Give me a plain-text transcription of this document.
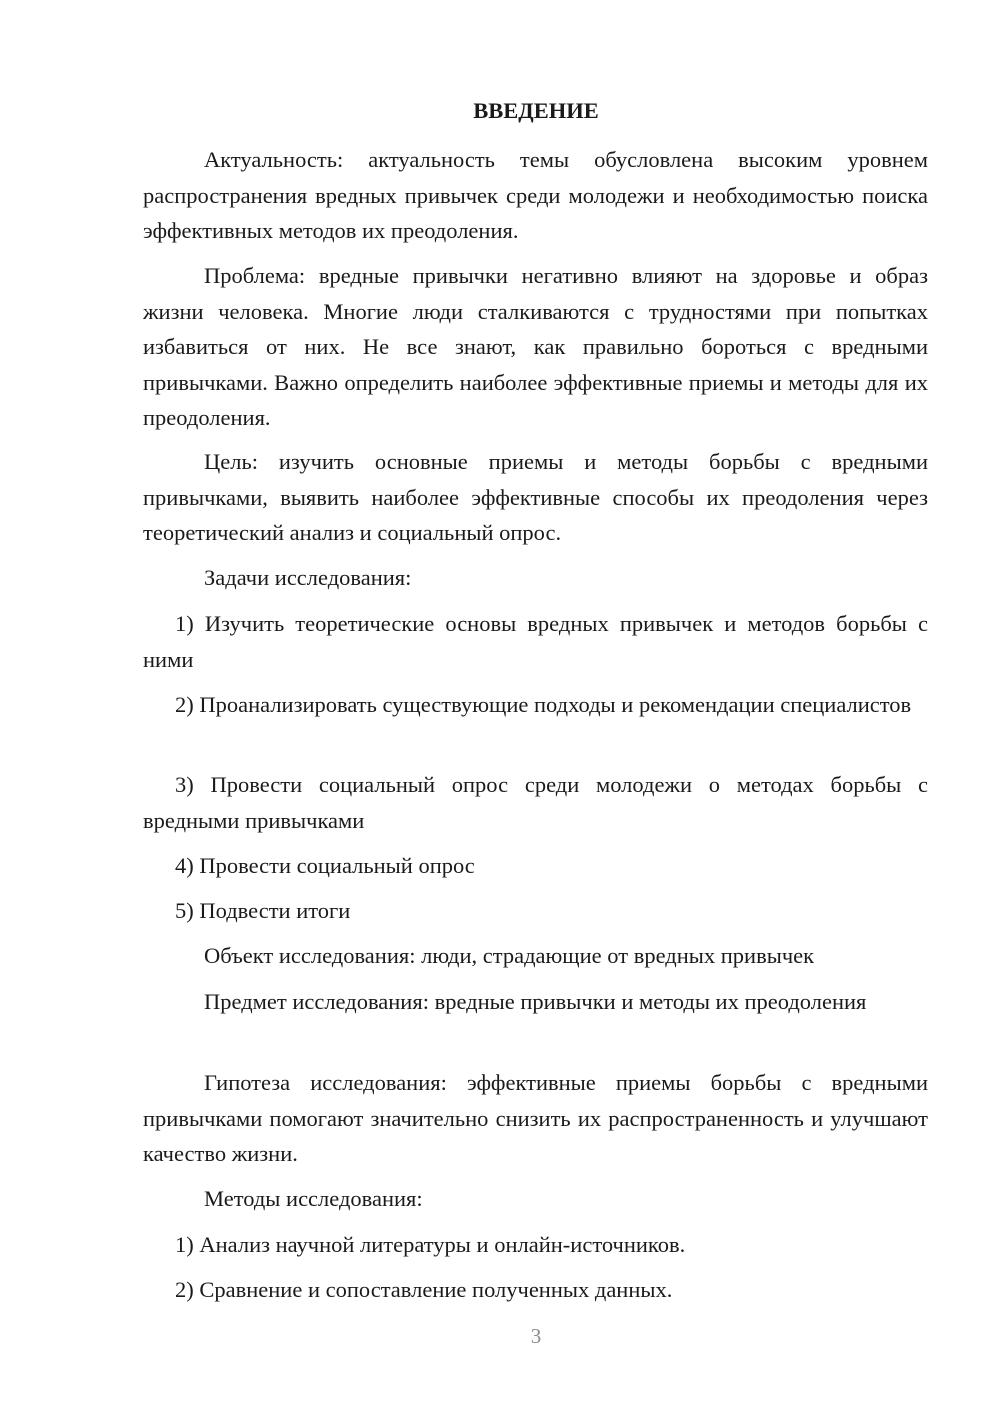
ВВЕДЕНИЕ

Актуальность: актуальность темы обусловлена высоким уровнем распространения вредных привычек среди молодежи и необходимостью поиска эффективных методов их преодоления.

Проблема: вредные привычки негативно влияют на здоровье и образ жизни человека. Многие люди сталкиваются с трудностями при попытках избавиться от них. Не все знают, как правильно бороться с вредными привычками. Важно определить наиболее эффективные приемы и методы для их преодоления.

Цель: изучить основные приемы и методы борьбы с вредными привычками, выявить наиболее эффективные способы их преодоления через теоретический анализ и социальный опрос.

Задачи исследования:

1) Изучить теоретические основы вредных привычек и методов борьбы с ними

2) Проанализировать существующие подходы и рекомендации специалистов

3) Провести социальный опрос среди молодежи о методах борьбы с вредными привычками

4) Провести социальный опрос

5) Подвести итоги

Объект исследования: люди, страдающие от вредных привычек

Предмет исследования: вредные привычки и методы их преодоления

Гипотеза исследования: эффективные приемы борьбы с вредными привычками помогают значительно снизить их распространенность и улучшают качество жизни.

Методы исследования:

1) Анализ научной литературы и онлайн-источников.

2) Сравнение и сопоставление полученных данных.

3
